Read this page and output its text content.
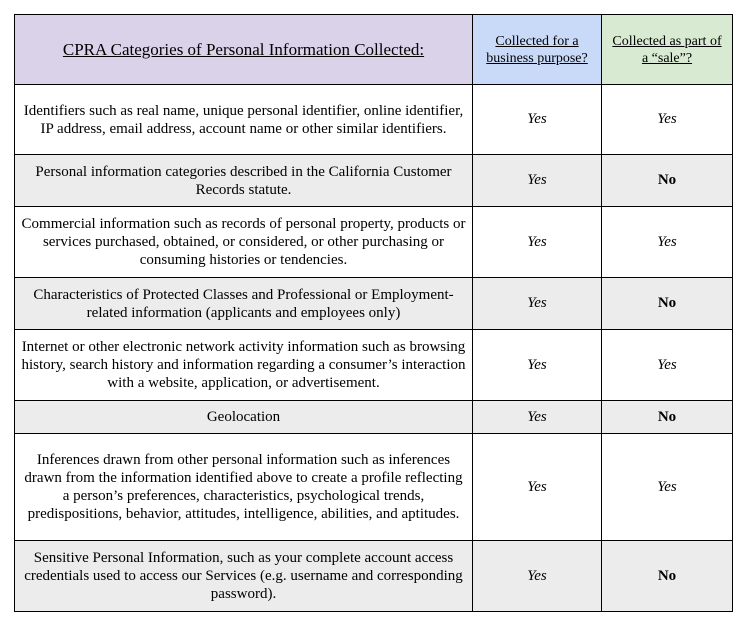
CPRA Categories of Personal Information Collected:	Collected for a business purpose?	Collected as part of a “sale”?
Identifiers such as real name, unique personal identifier, online identifier, IP address, email address, account name or other similar identifiers.	Yes	Yes
Personal information categories described in the California Customer Records statute.	Yes	No
Commercial information such as records of personal property, products or services purchased, obtained, or considered, or other purchasing or consuming histories or tendencies.	Yes	Yes
Characteristics of Protected Classes and Professional or Employment-related information (applicants and employees only)	Yes	No
Internet or other electronic network activity information such as browsing history, search history and information regarding a consumer’s interaction with a website, application, or advertisement.	Yes	Yes
Geolocation	Yes	No
Inferences drawn from other personal information such as inferences drawn from the information identified above to create a profile reflecting a person’s preferences, characteristics, psychological trends, predispositions, behavior, attitudes, intelligence, abilities, and aptitudes.	Yes	Yes
Sensitive Personal Information, such as your complete account access credentials used to access our Services (e.g. username and corresponding password).	Yes	No
